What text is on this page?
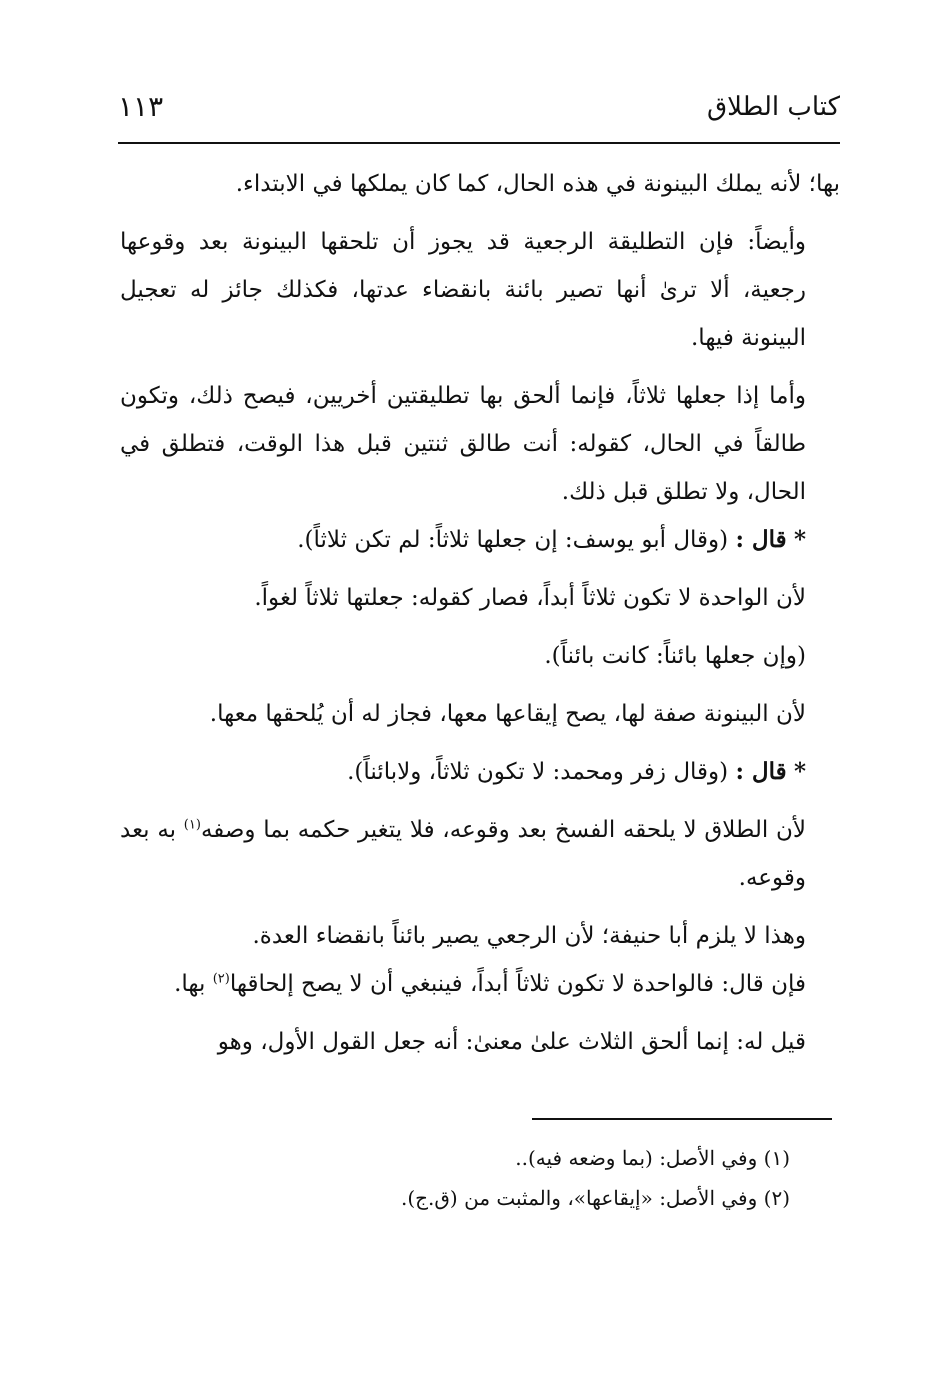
كتاب الطلاق
١١٣

بها؛ لأنه يملك البينونة في هذه الحال، كما كان يملكها في الابتداء.

وأيضاً: فإن التطليقة الرجعية قد يجوز أن تلحقها البينونة بعد وقوعها رجعية، ألا ترىٰ أنها تصير بائنة بانقضاء عدتها، فكذلك جائز له تعجيل البينونة فيها.

وأما إذا جعلها ثلاثاً، فإنما ألحق بها تطليقتين أخريين، فيصح ذلك، وتكون طالقاً في الحال، كقوله: أنت طالق ثنتين قبل هذا الوقت، فتطلق في الحال، ولا تطلق قبل ذلك.

* قال : (وقال أبو يوسف: إن جعلها ثلاثاً: لم تكن ثلاثاً).

لأن الواحدة لا تكون ثلاثاً أبداً، فصار كقوله: جعلتها ثلاثاً لغواً.

(وإن جعلها بائناً: كانت بائناً).

لأن البينونة صفة لها، يصح إيقاعها معها، فجاز له أن يُلحقها معها.

* قال : (وقال زفر ومحمد: لا تكون ثلاثاً، ولابائناً).

لأن الطلاق لا يلحقه الفسخ بعد وقوعه، فلا يتغير حكمه بما وصفه$^{(١)}$ به بعد وقوعه.

وهذا لا يلزم أبا حنيفة؛ لأن الرجعي يصير بائناً بانقضاء العدة.

فإن قال: فالواحدة لا تكون ثلاثاً أبداً، فينبغي أن لا يصح إلحاقها$^{(٢)}$ بها.

قيل له: إنما ألحق الثلاث علىٰ معنىٰ: أنه جعل القول الأول، وهو

(١) وفي الأصل: (بما وضعه فيه)..

(٢) وفي الأصل: «إيقاعها»، والمثبت من (ق.ج).
